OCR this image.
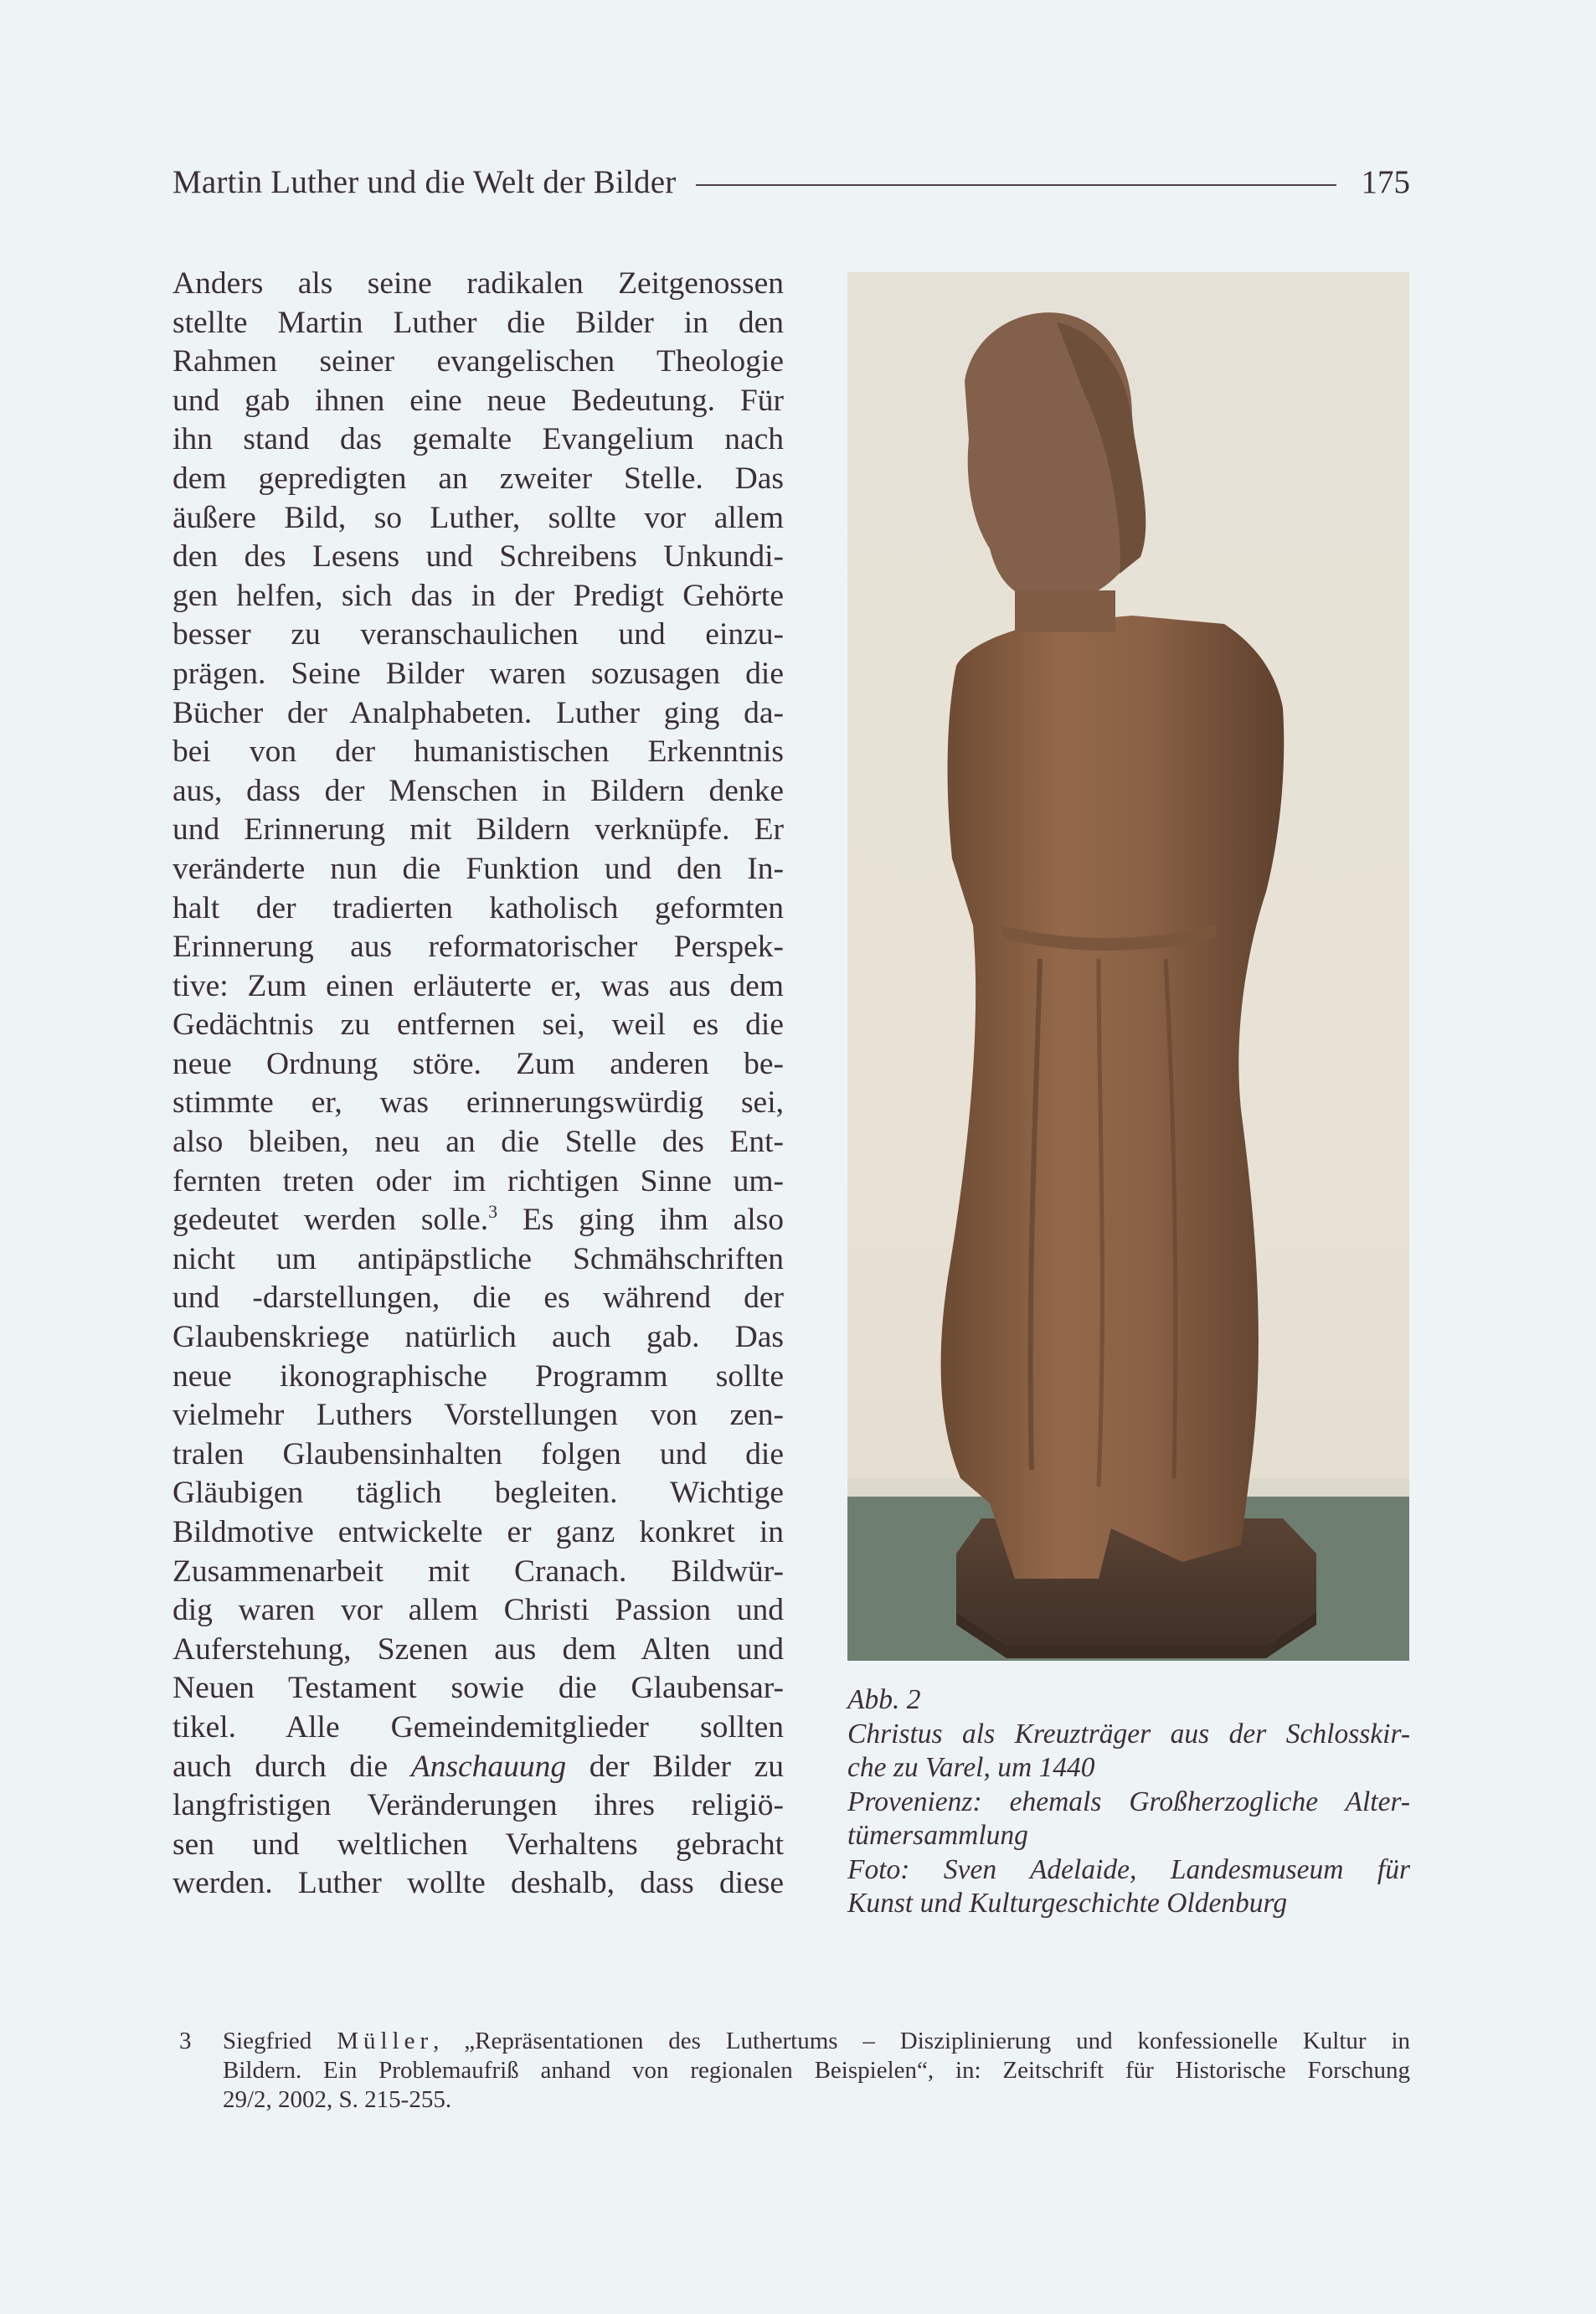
Martin Luther und die Welt der Bilder	175
Anders als seine radikalen Zeitgenossen
stellte Martin Luther die Bilder in den
Rahmen seiner evangelischen Theologie
und gab ihnen eine neue Bedeutung. Für
ihn stand das gemalte Evangelium nach
dem gepredigten an zweiter Stelle. Das
äußere Bild, so Luther, sollte vor allem
den des Lesens und Schreibens Unkundi-
gen helfen, sich das in der Predigt Gehörte
besser zu veranschaulichen und einzu-
prägen. Seine Bilder waren sozusagen die
Bücher der Analphabeten. Luther ging da-
bei von der humanistischen Erkenntnis
aus, dass der Menschen in Bildern denke
und Erinnerung mit Bildern verknüpfe. Er
veränderte nun die Funktion und den In-
halt der tradierten katholisch geformten
Erinnerung aus reformatorischer Perspek-
tive: Zum einen erläuterte er, was aus dem
Gedächtnis zu entfernen sei, weil es die
neue Ordnung störe. Zum anderen be-
stimmte er, was erinnerungswürdig sei,
also bleiben, neu an die Stelle des Ent-
fernten treten oder im richtigen Sinne um-
gedeutet werden solle.$^3$ Es ging ihm also
nicht um antipäpstliche Schmähschriften
und -darstellungen, die es während der
Glaubenskriege natürlich auch gab. Das
neue ikonographische Programm sollte
vielmehr Luthers Vorstellungen von zen-
tralen Glaubensinhalten folgen und die
Gläubigen täglich begleiten. Wichtige
Bildmotive entwickelte er ganz konkret in
Zusammenarbeit mit Cranach. Bildwür-
dig waren vor allem Christi Passion und
Auferstehung, Szenen aus dem Alten und
Neuen Testament sowie die Glaubensar-
tikel. Alle Gemeindemitglieder sollten
auch durch die Anschauung der Bilder zu
langfristigen Veränderungen ihres religiö-
sen und weltlichen Verhaltens gebracht
werden. Luther wollte deshalb, dass diese
Abb. 2
Christus als Kreuzträger aus der Schlosskir-
che zu Varel, um 1440
Provenienz: ehemals Großherzogliche Alter-
tümersammlung
Foto: Sven Adelaide, Landesmuseum für
Kunst und Kulturgeschichte Oldenburg
3 Siegfried Müller, „Repräsentationen des Luthertums – Disziplinierung und konfessionelle Kultur in
Bildern. Ein Problemaufriß anhand von regionalen Beispielen“, in: Zeitschrift für Historische Forschung
29/2, 2002, S. 215-255.
